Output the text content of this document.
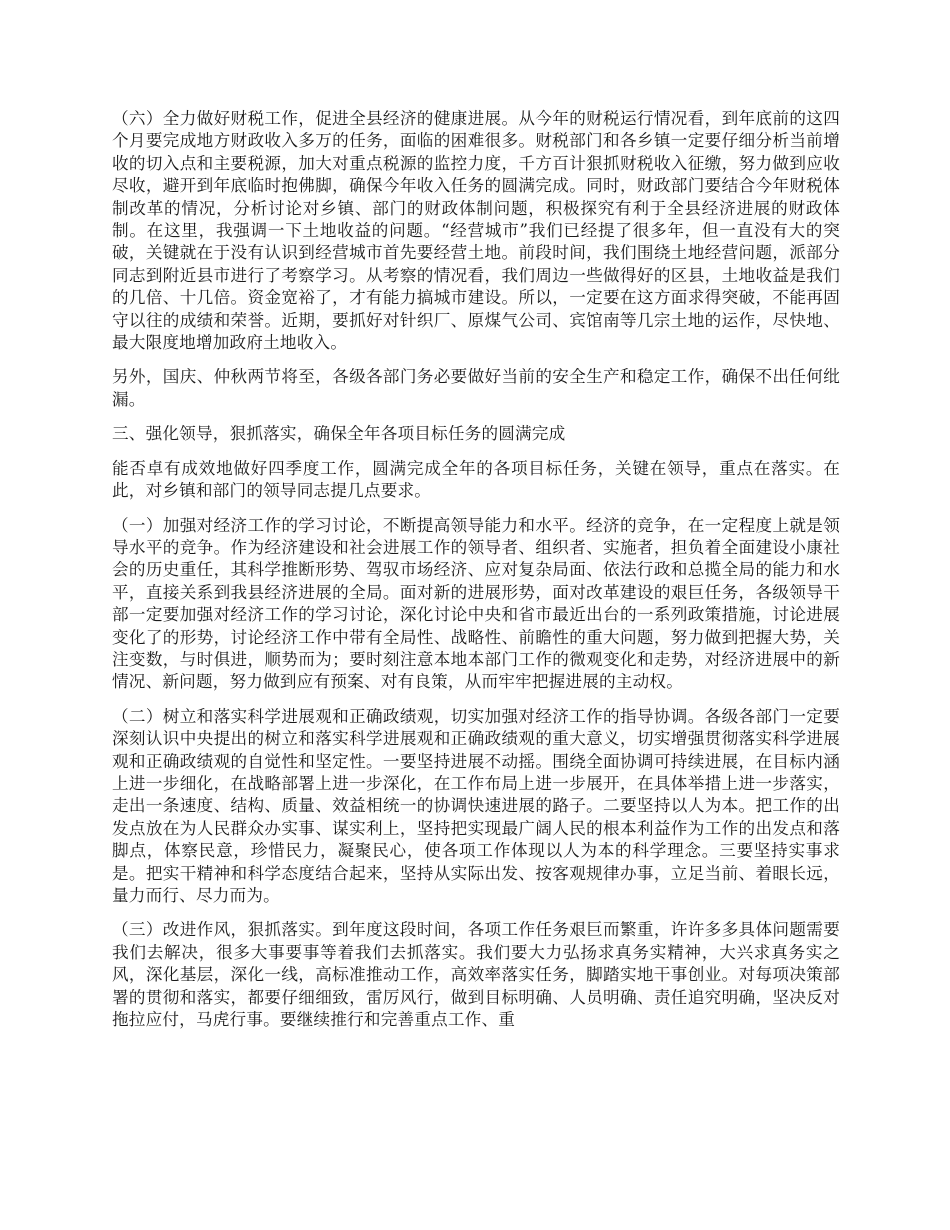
（六）全力做好财税工作，促进全县经济的健康进展。从今年的财税运行情况看，到年底前的这四个月要完成地方财政收入多万的任务，面临的困难很多。财税部门和各乡镇一定要仔细分析当前增收的切入点和主要税源，加大对重点税源的监控力度，千方百计狠抓财税收入征缴，努力做到应收尽收，避开到年底临时抱佛脚，确保今年收入任务的圆满完成。同时，财政部门要结合今年财税体制改革的情况，分析讨论对乡镇、部门的财政体制问题，积极探究有利于全县经济进展的财政体制。在这里，我强调一下土地收益的问题。“经营城市”我们已经提了很多年，但一直没有大的突破，关键就在于没有认识到经营城市首先要经营土地。前段时间，我们围绕土地经营问题，派部分同志到附近县市进行了考察学习。从考察的情况看，我们周边一些做得好的区县，土地收益是我们的几倍、十几倍。资金宽裕了，才有能力搞城市建设。所以，一定要在这方面求得突破，不能再固守以往的成绩和荣誉。近期，要抓好对针织厂、原煤气公司、宾馆南等几宗土地的运作，尽快地、最大限度地增加政府土地收入。

另外，国庆、仲秋两节将至，各级各部门务必要做好当前的安全生产和稳定工作，确保不出任何纰漏。

三、强化领导，狠抓落实，确保全年各项目标任务的圆满完成

能否卓有成效地做好四季度工作，圆满完成全年的各项目标任务，关键在领导，重点在落实。在此，对乡镇和部门的领导同志提几点要求。

（一）加强对经济工作的学习讨论，不断提高领导能力和水平。经济的竞争，在一定程度上就是领导水平的竞争。作为经济建设和社会进展工作的领导者、组织者、实施者，担负着全面建设小康社会的历史重任，其科学推断形势、驾驭市场经济、应对复杂局面、依法行政和总揽全局的能力和水平，直接关系到我县经济进展的全局。面对新的进展形势，面对改革建设的艰巨任务，各级领导干部一定要加强对经济工作的学习讨论，深化讨论中央和省市最近出台的一系列政策措施，讨论进展变化了的形势，讨论经济工作中带有全局性、战略性、前瞻性的重大问题，努力做到把握大势，关注变数，与时俱进，顺势而为；要时刻注意本地本部门工作的微观变化和走势，对经济进展中的新情况、新问题，努力做到应有预案、对有良策，从而牢牢把握进展的主动权。

（二）树立和落实科学进展观和正确政绩观，切实加强对经济工作的指导协调。各级各部门一定要深刻认识中央提出的树立和落实科学进展观和正确政绩观的重大意义，切实增强贯彻落实科学进展观和正确政绩观的自觉性和坚定性。一要坚持进展不动摇。围绕全面协调可持续进展，在目标内涵上进一步细化，在战略部署上进一步深化，在工作布局上进一步展开，在具体举措上进一步落实，走出一条速度、结构、质量、效益相统一的协调快速进展的路子。二要坚持以人为本。把工作的出发点放在为人民群众办实事、谋实利上，坚持把实现最广阔人民的根本利益作为工作的出发点和落脚点，体察民意，珍惜民力，凝聚民心，使各项工作体现以人为本的科学理念。三要坚持实事求是。把实干精神和科学态度结合起来，坚持从实际出发、按客观规律办事，立足当前、着眼长远，量力而行、尽力而为。

（三）改进作风，狠抓落实。到年度这段时间，各项工作任务艰巨而繁重，许许多多具体问题需要我们去解决，很多大事要事等着我们去抓落实。我们要大力弘扬求真务实精神，大兴求真务实之风，深化基层，深化一线，高标准推动工作，高效率落实任务，脚踏实地干事创业。对每项决策部署的贯彻和落实，都要仔细细致，雷厉风行，做到目标明确、人员明确、责任追究明确，坚决反对拖拉应付，马虎行事。要继续推行和完善重点工作、重
